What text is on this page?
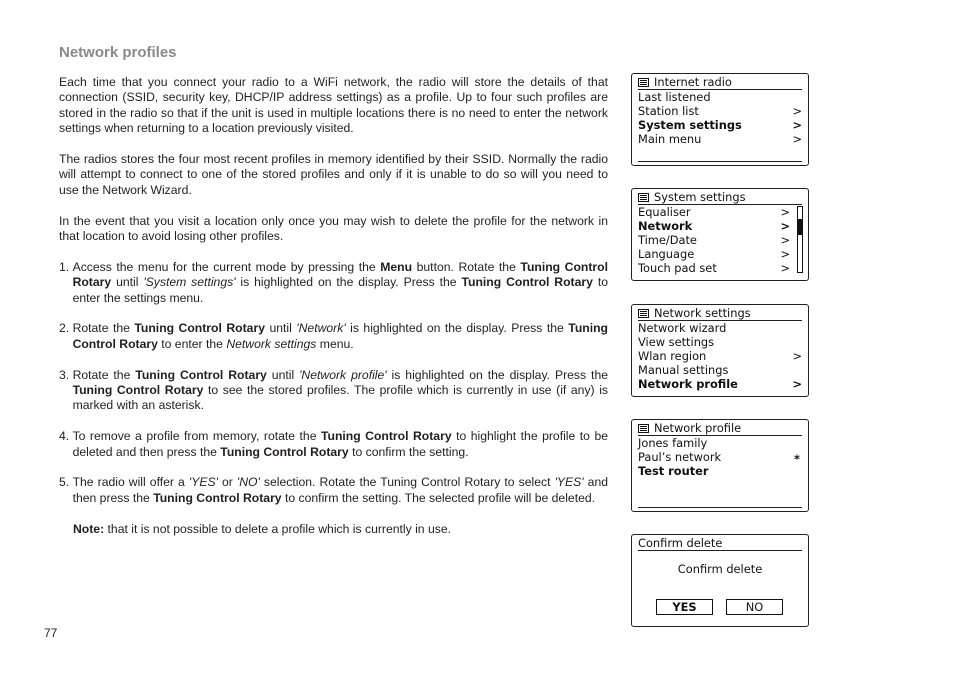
Network profiles

Each time that you connect your radio to a WiFi network, the radio will store the details of that connection (SSID, security key, DHCP/IP address settings) as a profile. Up to four such profiles are stored in the radio so that if the unit is used in multiple locations there is no need to enter the network settings when returning to a location previously visited.

The radios stores the four most recent profiles in memory identified by their SSID. Normally the radio will attempt to connect to one of the stored profiles and only if it is unable to do so will you need to use the Network Wizard.

In the event that you visit a location only once you may wish to delete the profile for the network in that location to avoid losing other profiles.

1. Access the menu for the current mode by pressing the Menu button. Rotate the Tuning Control Rotary until 'System settings' is highlighted on the display. Press the Tuning Control Rotary to enter the settings menu.
2. Rotate the Tuning Control Rotary until 'Network' is highlighted on the display. Press the Tuning Control Rotary to enter the Network settings menu.
3. Rotate the Tuning Control Rotary until 'Network profile' is highlighted on the display. Press the Tuning Control Rotary to see the stored profiles. The profile which is currently in use (if any) is marked with an asterisk.
4. To remove a profile from memory, rotate the Tuning Control Rotary to highlight the profile to be deleted and then press the Tuning Control Rotary to confirm the setting.
5. The radio will offer a 'YES' or 'NO' selection. Rotate the Tuning Control Rotary to select 'YES' and then press the Tuning Control Rotary to confirm the setting. The selected profile will be deleted.

Note: that it is not possible to delete a profile which is currently in use.

77
Internet radio
Last listened
Station list	>
System settings	>
Main menu	>
System settings
Equaliser	>
Network	>
Time/Date	>
Language	>
Touch pad set	>
Network settings
Network wizard
View settings
Wlan region	>
Manual settings
Network profile	>
Network profile
Jones family
Paul’s network	*
Test router
Confirm delete
Confirm delete
YES	NO
